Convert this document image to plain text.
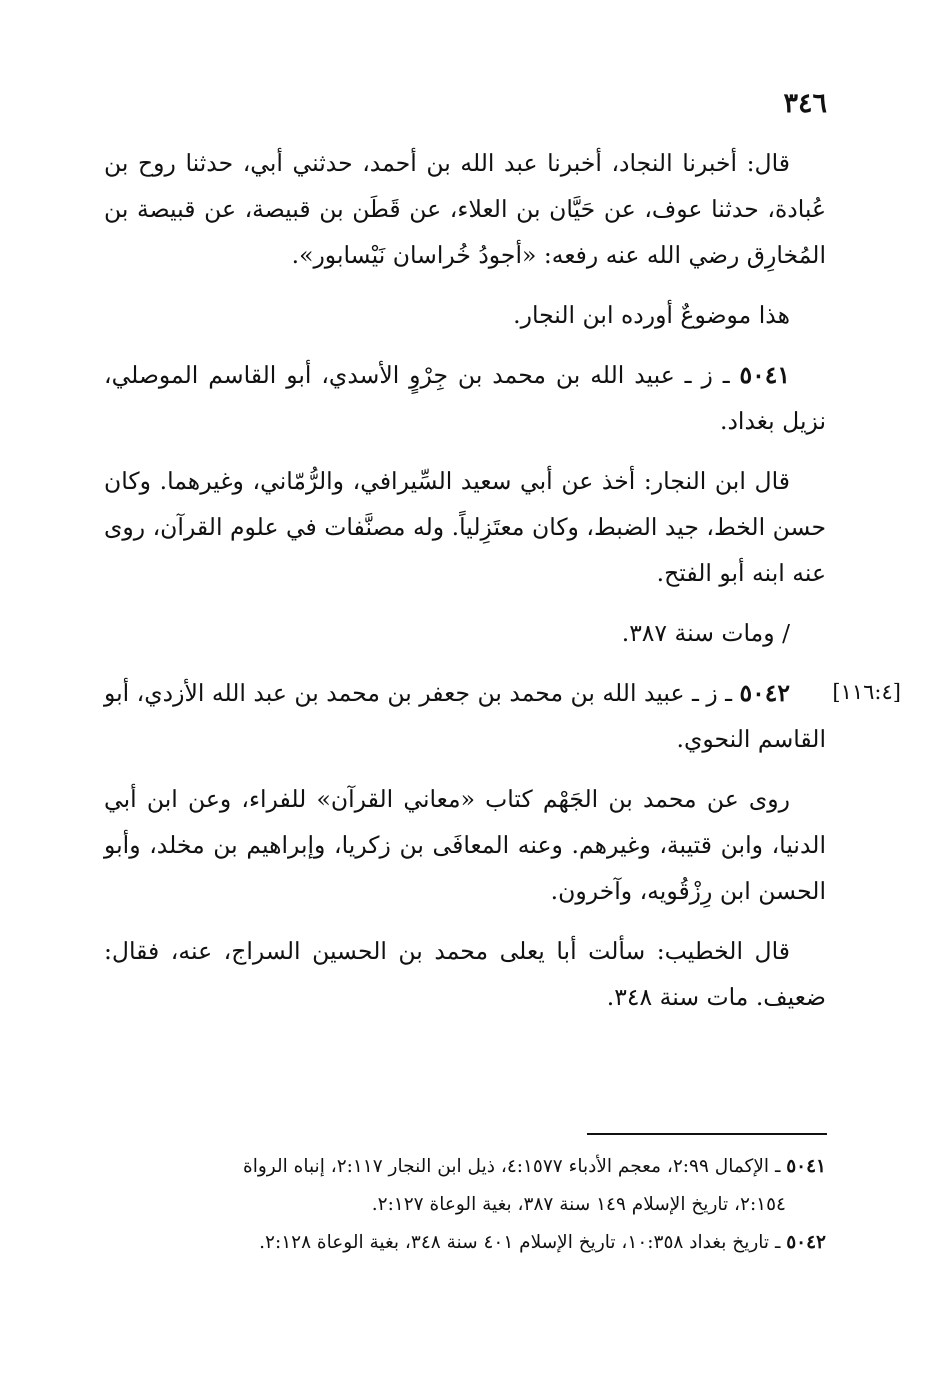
٣٤٦
[١١٦:٤]

قال: أخبرنا النجاد، أخبرنا عبد الله بن أحمد، حدثني أبي، حدثنا روح بن عُبادة، حدثنا عوف، عن حَيَّان بن العلاء، عن قَطَن بن قبيصة، عن قبيصة بن المُخارِق رضي الله عنه رفعه: «أجودُ خُراسان نَيْسابور».

هذا موضوعٌ أورده ابن النجار.

٥٠٤١ ـ ز ـ عبيد الله بن محمد بن جِرْوٍ الأسدي، أبو القاسم الموصلي، نزيل بغداد.

قال ابن النجار: أخذ عن أبي سعيد السِّيرافي، والرُّمّاني، وغيرهما. وكان حسن الخط، جيد الضبط، وكان معتَزِلياً. وله مصنَّفات في علوم القرآن، روى عنه ابنه أبو الفتح.

/ ومات سنة ٣٨٧.

٥٠٤٢ ـ ز ـ عبيد الله بن محمد بن جعفر بن محمد بن عبد الله الأزدي، أبو القاسم النحوي.

روى عن محمد بن الجَهْم كتاب «معاني القرآن» للفراء، وعن ابن أبي الدنيا، وابن قتيبة، وغيرهم. وعنه المعافَى بن زكريا، وإبراهيم بن مخلد، وأبو الحسن ابن رِزْقُويه، وآخرون.

قال الخطيب: سألت أبا يعلى محمد بن الحسين السراج، عنه، فقال: ضعيف. مات سنة ٣٤٨.

٥٠٤١ ـ الإكمال ٢:٩٩، معجم الأدباء ٤:١٥٧٧، ذيل ابن النجار ٢:١١٧، إنباه الرواة

٢:١٥٤، تاريخ الإسلام ١٤٩ سنة ٣٨٧، بغية الوعاة ٢:١٢٧.

٥٠٤٢ ـ تاريخ بغداد ١٠:٣٥٨، تاريخ الإسلام ٤٠١ سنة ٣٤٨، بغية الوعاة ٢:١٢٨.
